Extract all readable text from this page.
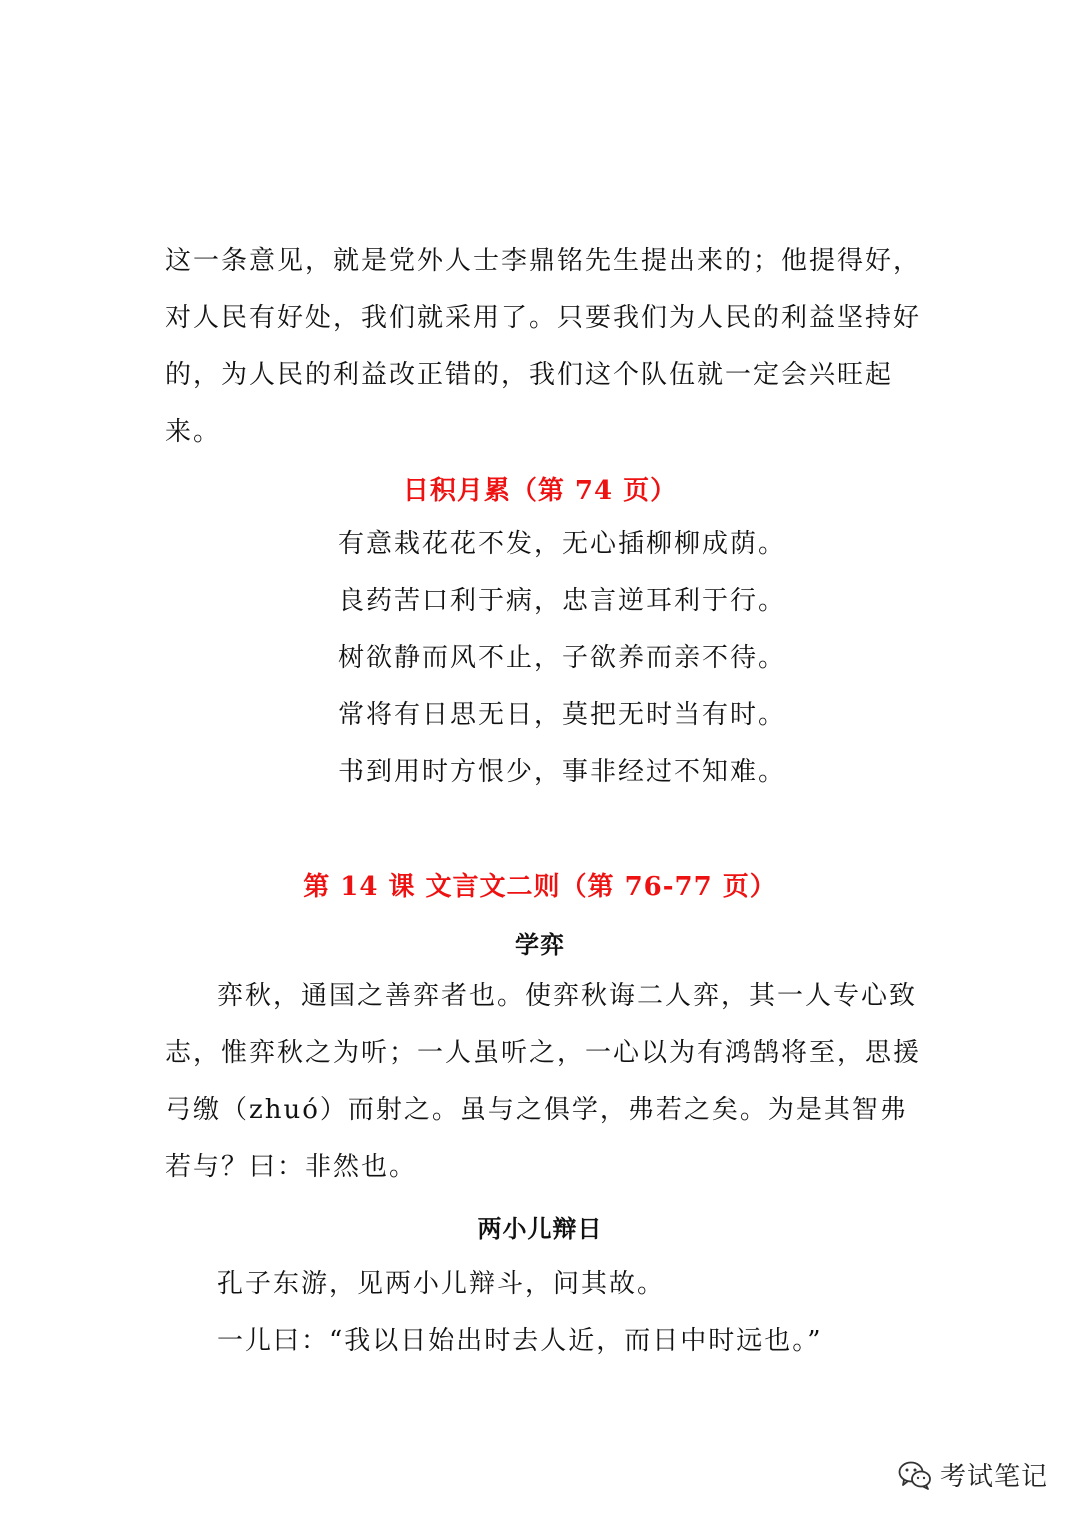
这一条意见，就是党外人士李鼎铭先生提出来的；他提得好，对人民有好处，我们就采用了。只要我们为人民的利益坚持好的，为人民的利益改正错的，我们这个队伍就一定会兴旺起来。

日积月累（第 74 页）
有意栽花花不发，无心插柳柳成荫。
良药苦口利于病，忠言逆耳利于行。
树欲静而风不止，子欲养而亲不待。
常将有日思无日，莫把无时当有时。
书到用时方恨少，事非经过不知难。
第 14 课 文言文二则（第 76-77 页）
学弈

弈秋，通国之善弈者也。使弈秋诲二人弈，其一人专心致志，惟弈秋之为听；一人虽听之，一心以为有鸿鹄将至，思援弓缴（zhuó）而射之。虽与之俱学，弗若之矣。为是其智弗若与？曰：非然也。

两小儿辩日

孔子东游，见两小儿辩斗，问其故。

一儿曰：“我以日始出时去人近，而日中时远也。”

考试笔记
